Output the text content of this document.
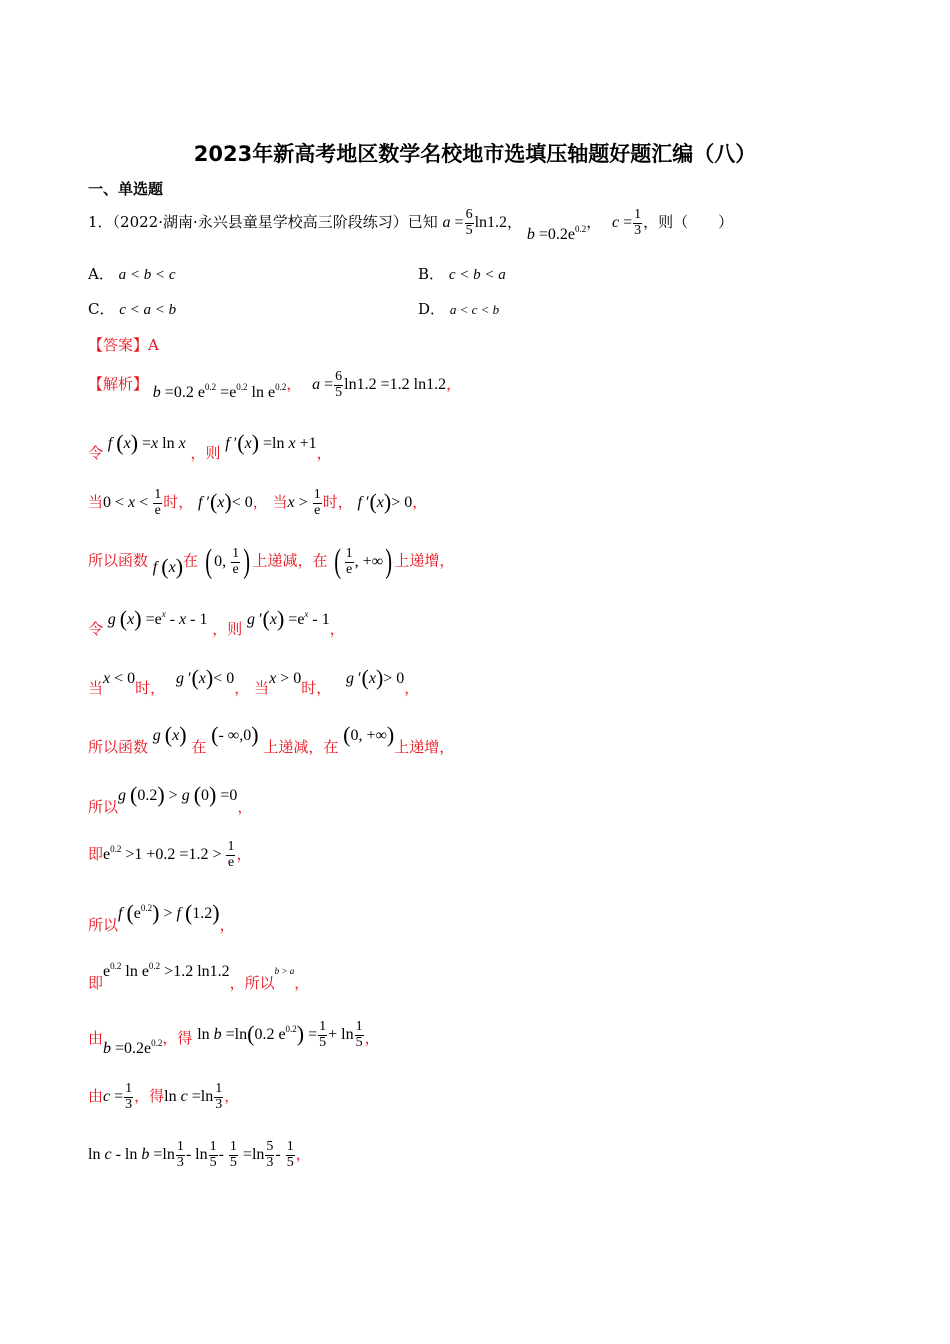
2023年新高考地区数学名校地市选填压轴题好题汇编（八）
一、单选题
1．（2022·湖南·永兴县童星学校高三阶段练习）已知 $a = \frac{6}{5} \ln 1.2$， $b =0.2e^{0.2}$， $c = \frac{1}{3}$ ，则（　　）
A． a < b < c	B． c < b < a
C． c < a < b	D． a < c < b
【答案】A
【解析】 b =0.2 $e^{0.2} =e^{0.2}$ $\ln e^{0.2}$， $a = \frac{6}{5} \ln 1.2 =1.2$ ln1.2，
令 f (x) =x ln x ，则 f ′(x) =ln x +1，
当$0 < x < \frac{1}{e}$ 时， f ′(x)< 0， 当$x > \frac{1}{e}$ 时， f ′(x)> 0，
所以函数 f (x)在 ( 0, $\frac{1}{e}$ ) 上递减，在 ( $\frac{1}{e}$ , +∞) 上递增，
令 g $(x) =e^x - x - 1$ ，则 g $'(x) =e^x - 1$，
当x < 0时， g ′(x)< 0， 当x > 0时， g ′(x)> 0，
所以函数 g (x) 在 (- ∞,0) 上递减，在 (0, +∞)上递增，
所以g (0.2) > g (0) =0，
即$e^{0.2} >1 +0.2 =1.2 > \frac{1}{e}$ ，
所以f $(e^{0.2}) > f$ (1.2)，
即$e^{0.2}$ $\ln e^{0.2} >1.2$ ln1.2，所以b > a，
由$b =0.2e^{0.2}$，得 ln b =ln(0.2 $e^{0.2}) = \frac{1}{5} + \ln \frac{1}{5}$ ，
由$c = \frac{1}{3}$ ，得$\ln c =\ln \frac{1}{3}$ ，
$\ln c - \ln b =\ln \frac{1}{3} - \ln \frac{1}{5} - \frac{1}{5} =\ln \frac{5}{3} - \frac{1}{5}$ ，
